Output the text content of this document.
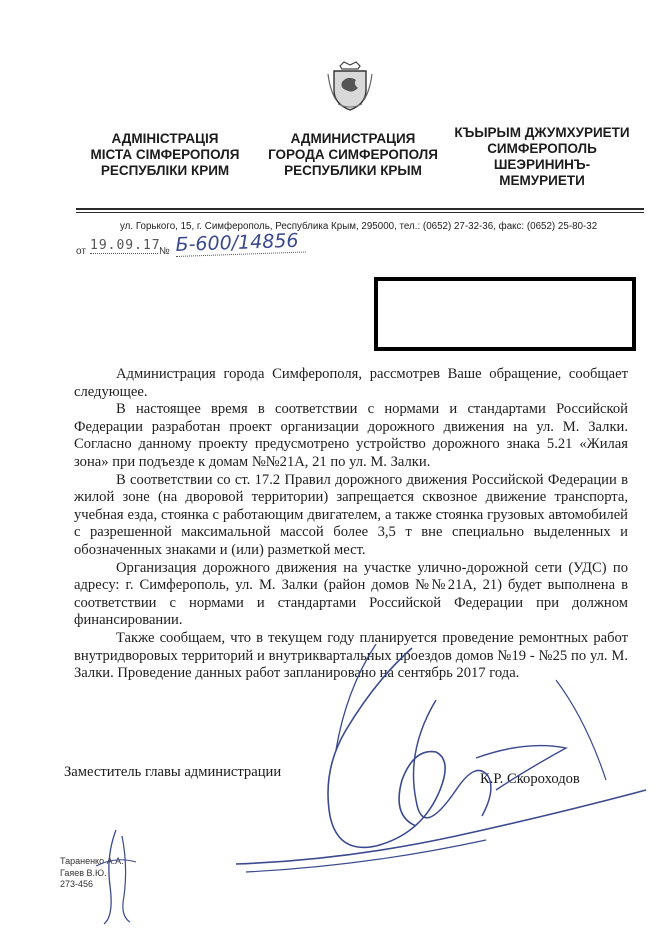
АДМІНІСТРАЦІЯ
МІСТА СІМФЕРОПОЛЯ
РЕСПУБЛІКИ КРИМ
АДМИНИСТРАЦИЯ
ГОРОДА СИМФЕРОПОЛЯ
РЕСПУБЛИКИ КРЫМ
КЪЫРЫМ ДЖУМХУРИЕТИ
СИМФЕРОПОЛЬ
ШЕЭРИНИНЪ-
МЕМУРИЕТИ
ул. Горького, 15, г. Симферополь, Республика Крым, 295000, тел.: (0652) 27-32-36, факс: (0652) 25-80-32
от 19.09.17
№ Б-600/14856

Администрация города Симферополя, рассмотрев Ваше обращение, сообщает следующее.

В настоящее время в соответствии с нормами и стандартами Российской Федерации разработан проект организации дорожного движения на ул. М. Залки. Согласно данному проекту предусмотрено устройство дорожного знака 5.21 «Жилая зона» при подъезде к домам №№21А, 21 по ул. М. Залки.

В соответствии со ст. 17.2 Правил дорожного движения Российской Федерации в жилой зоне (на дворовой территории) запрещается сквозное движение транспорта, учебная езда, стоянка с работающим двигателем, а также стоянка грузовых автомобилей с разрешенной максимальной массой более 3,5 т вне специально выделенных и обозначенных знаками и (или) разметкой мест.

Организация дорожного движения на участке улично-дорожной сети (УДС) по адресу: г. Симферополь, ул. М. Залки (район домов №№21А, 21) будет выполнена в соответствии с нормами и стандартами Российской Федерации при должном финансировании.

Также сообщаем, что в текущем году планируется проведение ремонтных работ внутридворовых территорий и внутриквартальных проездов домов №19 - №25 по ул. М. Залки. Проведение данных работ запланировано на сентябрь 2017 года.

Заместитель главы администрации	К.Р. Скороходов
Тараненко А.А.
Гаяев В.Ю.
273-456
